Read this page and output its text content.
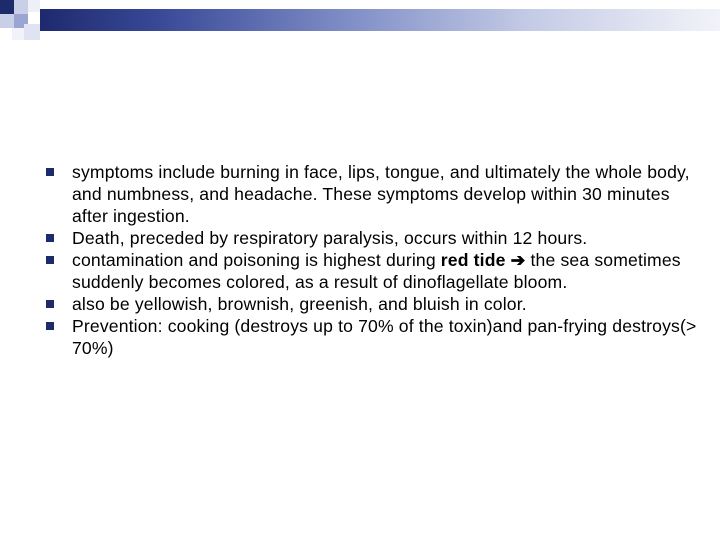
symptoms include burning in face, lips, tongue, and ultimately the whole body, and numbness, and headache. These symptoms develop within 30 minutes after ingestion.
Death, preceded by respiratory paralysis, occurs within 12 hours.
contamination and poisoning is highest during red tide ➔ the sea sometimes suddenly becomes colored, as a result of dinoflagellate bloom.
also be yellowish, brownish, greenish, and bluish in color.
Prevention: cooking (destroys up to 70% of the toxin)and pan-frying destroys(> 70%)
